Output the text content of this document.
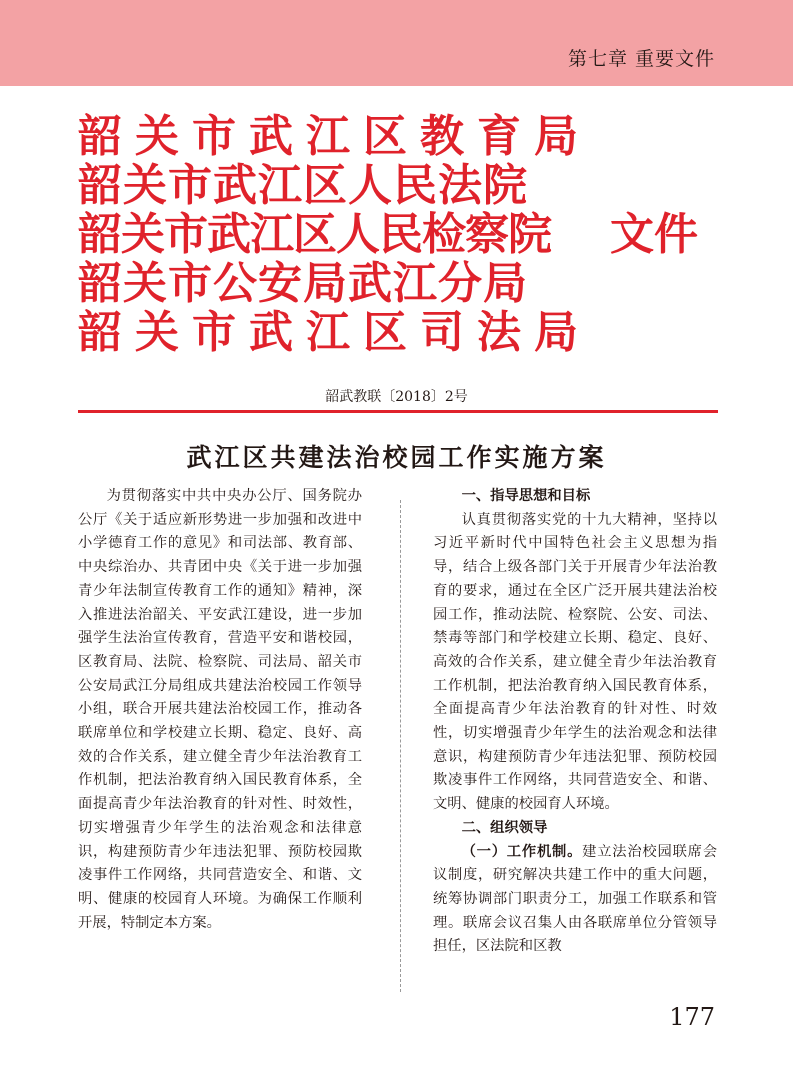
第七章 重要文件
韶关市武江区教育局
韶关市武江区人民法院
韶关市武江区人民检察院
韶关市公安局武江分局
韶关市武江区司法局
文件
韶武教联〔2018〕2号
武江区共建法治校园工作实施方案

为贯彻落实中共中央办公厅、国务院办公厅《关于适应新形势进一步加强和改进中小学德育工作的意见》和司法部、教育部、中央综治办、共青团中央《关于进一步加强青少年法制宣传教育工作的通知》精神，深入推进法治韶关、平安武江建设，进一步加强学生法治宣传教育，营造平安和谐校园，区教育局、法院、检察院、司法局、韶关市公安局武江分局组成共建法治校园工作领导小组，联合开展共建法治校园工作，推动各联席单位和学校建立长期、稳定、良好、高效的合作关系，建立健全青少年法治教育工作机制，把法治教育纳入国民教育体系，全面提高青少年法治教育的针对性、时效性，切实增强青少年学生的法治观念和法律意识，构建预防青少年违法犯罪、预防校园欺凌事件工作网络，共同营造安全、和谐、文明、健康的校园育人环境。为确保工作顺利开展，特制定本方案。

一、指导思想和目标

认真贯彻落实党的十九大精神，坚持以习近平新时代中国特色社会主义思想为指导，结合上级各部门关于开展青少年法治教育的要求，通过在全区广泛开展共建法治校园工作，推动法院、检察院、公安、司法、禁毒等部门和学校建立长期、稳定、良好、高效的合作关系，建立健全青少年法治教育工作机制，把法治教育纳入国民教育体系，全面提高青少年法治教育的针对性、时效性，切实增强青少年学生的法治观念和法律意识，构建预防青少年违法犯罪、预防校园欺凌事件工作网络，共同营造安全、和谐、文明、健康的校园育人环境。

二、组织领导

（一）工作机制。建立法治校园联席会议制度，研究解决共建工作中的重大问题，统筹协调部门职责分工，加强工作联系和管理。联席会议召集人由各联席单位分管领导担任，区法院和区教

177
